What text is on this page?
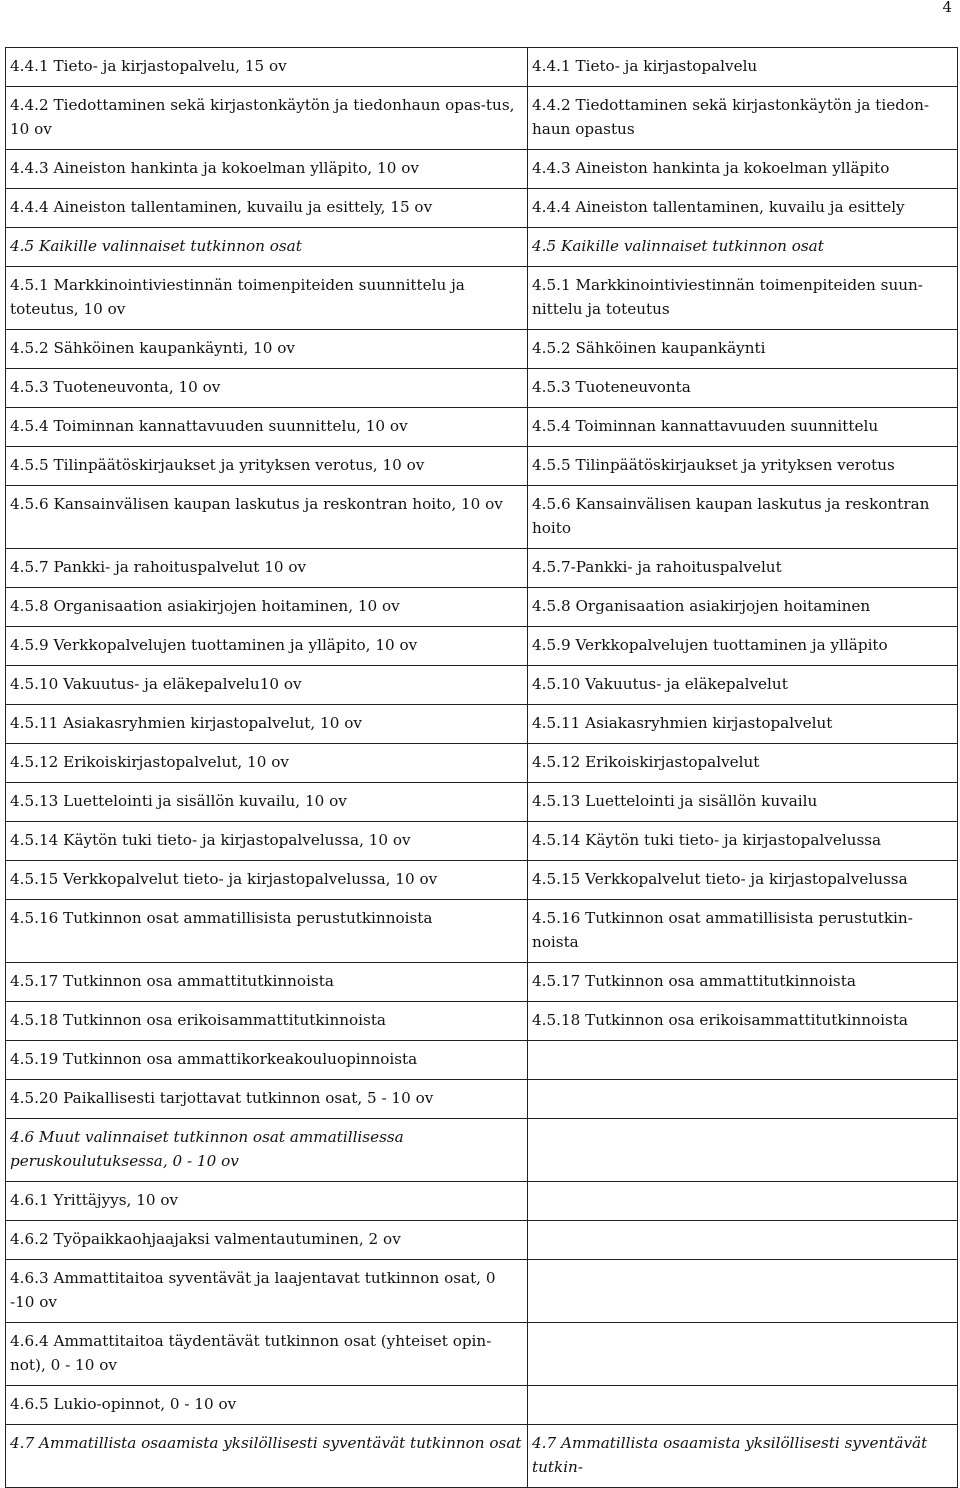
4
4.4.1 Tieto- ja kirjastopalvelu, 15 ov	4.4.1 Tieto- ja kirjastopalvelu
4.4.2 Tiedottaminen sekä kirjastonkäytön ja tiedonhaun opas-tus, 10 ov	4.4.2 Tiedottaminen sekä kirjastonkäytön ja tiedon-haun opastus
4.4.3 Aineiston hankinta ja kokoelman ylläpito, 10 ov	4.4.3 Aineiston hankinta ja kokoelman ylläpito
4.4.4 Aineiston tallentaminen, kuvailu ja esittely, 15 ov	4.4.4 Aineiston tallentaminen, kuvailu ja esittely
4.5 Kaikille valinnaiset tutkinnon osat	4.5 Kaikille valinnaiset tutkinnon osat
4.5.1 Markkinointiviestinnän toimenpiteiden suunnittelu ja toteutus, 10 ov	4.5.1 Markkinointiviestinnän toimenpiteiden suun-nittelu ja toteutus
4.5.2 Sähköinen kaupankäynti, 10 ov	4.5.2 Sähköinen kaupankäynti
4.5.3 Tuoteneuvonta, 10 ov	4.5.3 Tuoteneuvonta
4.5.4 Toiminnan kannattavuuden suunnittelu, 10 ov	4.5.4 Toiminnan kannattavuuden suunnittelu
4.5.5 Tilinpäätöskirjaukset ja yrityksen verotus, 10 ov	4.5.5 Tilinpäätöskirjaukset ja yrityksen verotus
4.5.6 Kansainvälisen kaupan laskutus ja reskontran hoito, 10 ov	4.5.6 Kansainvälisen kaupan laskutus ja reskontran hoito
4.5.7 Pankki- ja rahoituspalvelut 10 ov	4.5.7-Pankki- ja rahoituspalvelut
4.5.8 Organisaation asiakirjojen hoitaminen, 10 ov	4.5.8 Organisaation asiakirjojen hoitaminen
4.5.9 Verkkopalvelujen tuottaminen ja ylläpito, 10 ov	4.5.9 Verkkopalvelujen tuottaminen ja ylläpito
4.5.10 Vakuutus- ja eläkepalvelu10 ov	4.5.10 Vakuutus- ja eläkepalvelut
4.5.11 Asiakasryhmien kirjastopalvelut, 10 ov	4.5.11 Asiakasryhmien kirjastopalvelut
4.5.12 Erikoiskirjastopalvelut, 10 ov	4.5.12 Erikoiskirjastopalvelut
4.5.13 Luettelointi ja sisällön kuvailu, 10 ov	4.5.13 Luettelointi ja sisällön kuvailu
4.5.14 Käytön tuki tieto- ja kirjastopalvelussa, 10 ov	4.5.14 Käytön tuki tieto- ja kirjastopalvelussa
4.5.15 Verkkopalvelut tieto- ja kirjastopalvelussa, 10 ov	4.5.15 Verkkopalvelut tieto- ja kirjastopalvelussa
4.5.16 Tutkinnon osat ammatillisista perustutkinnoista	4.5.16 Tutkinnon osat ammatillisista perustutkin-noista
4.5.17 Tutkinnon osa ammattitutkinnoista	4.5.17 Tutkinnon osa ammattitutkinnoista
4.5.18 Tutkinnon osa erikoisammattitutkinnoista	4.5.18 Tutkinnon osa erikoisammattitutkinnoista
4.5.19 Tutkinnon osa ammattikorkeakouluopinnoista	
4.5.20 Paikallisesti tarjottavat tutkinnon osat, 5 - 10 ov	
4.6 Muut valinnaiset tutkinnon osat ammatillisessa peruskoulutuksessa, 0 - 10 ov	
4.6.1 Yrittäjyys, 10 ov	
4.6.2 Työpaikkaohjaajaksi valmentautuminen, 2 ov	
4.6.3 Ammattitaitoa syventävät ja laajentavat tutkinnon osat, 0 -10 ov	
4.6.4 Ammattitaitoa täydentävät tutkinnon osat (yhteiset opin-not), 0 - 10 ov	
4.6.5 Lukio-opinnot, 0 - 10 ov	
4.7 Ammatillista osaamista yksilöllisesti syventävät tutkinnon osat	4.7 Ammatillista osaamista yksilöllisesti syventävät tutkin-
